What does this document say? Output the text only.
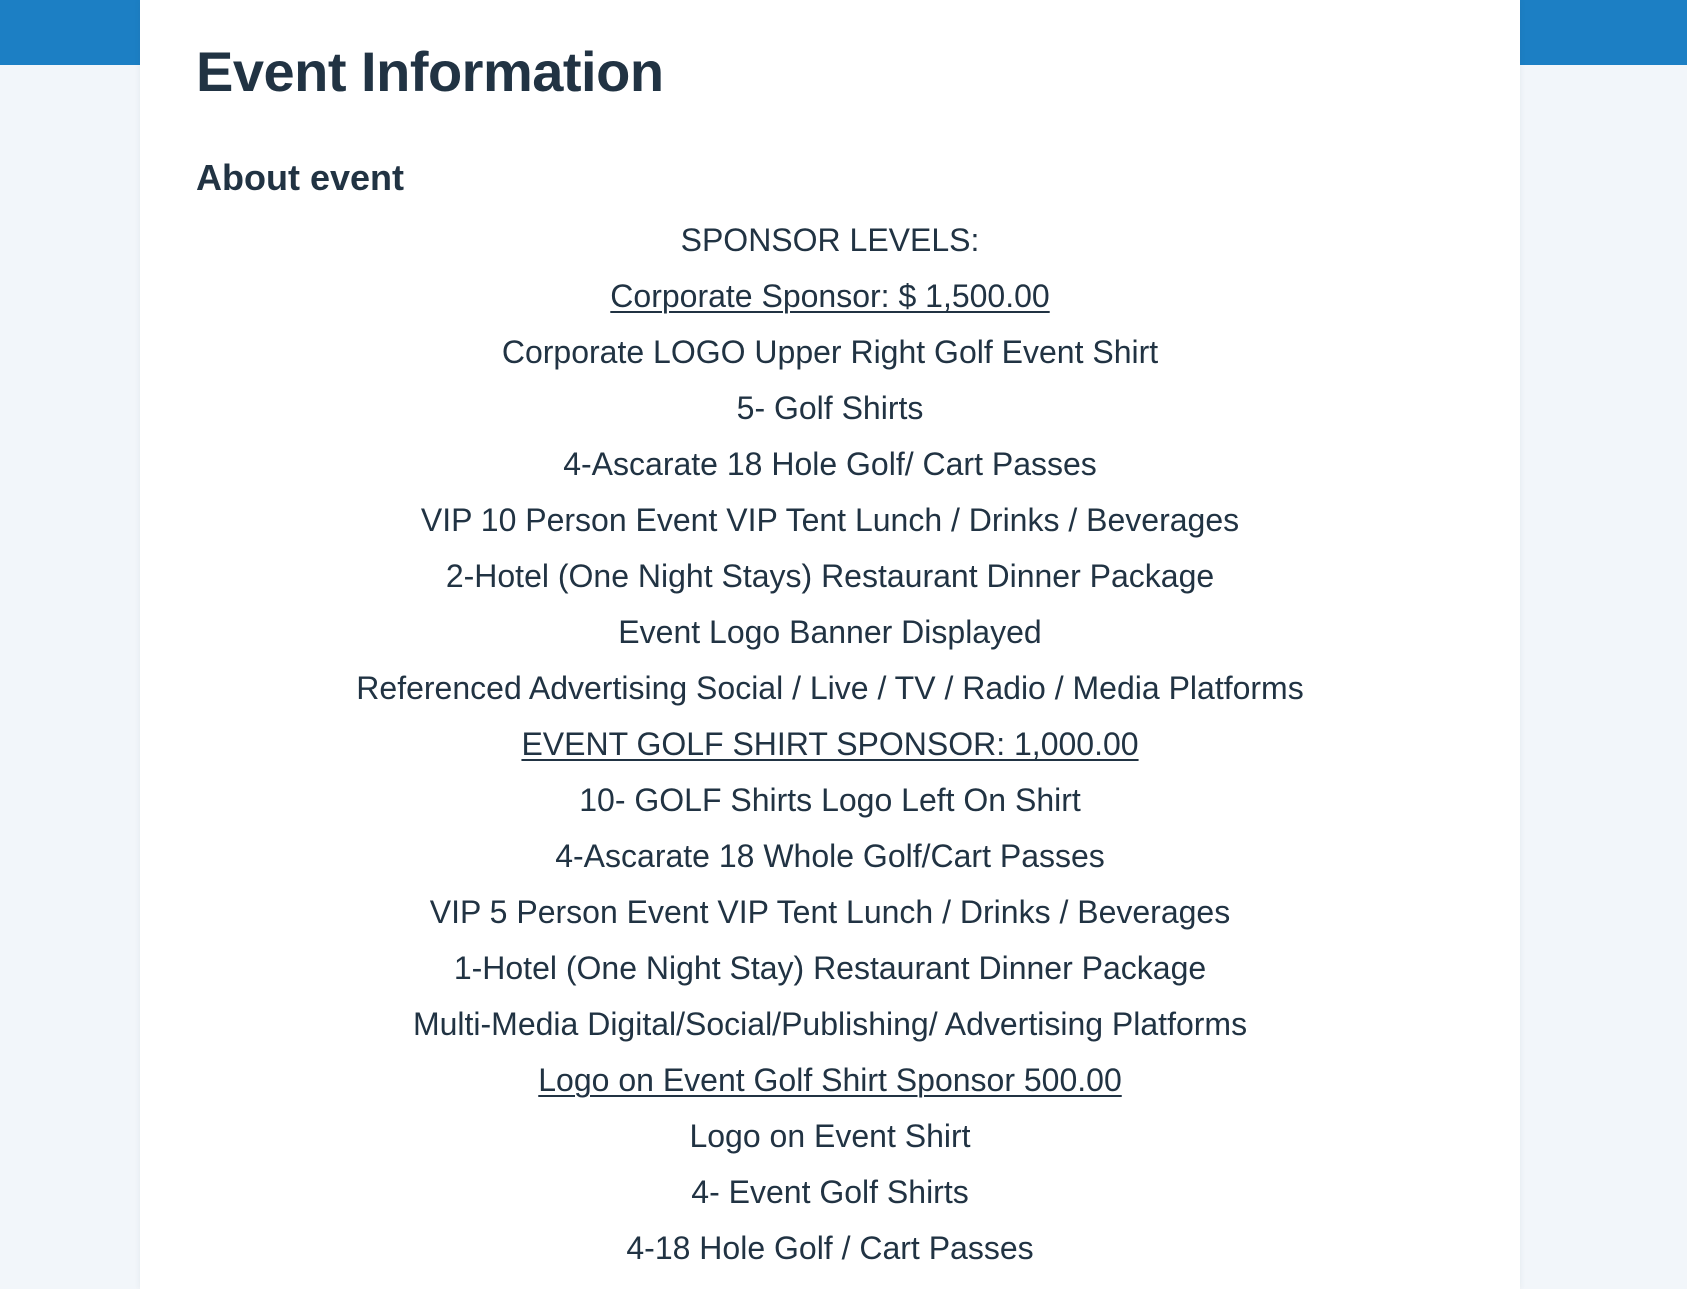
Event Information
About event
SPONSOR LEVELS:
Corporate Sponsor: $ 1,500.00
Corporate LOGO Upper Right Golf Event Shirt
5- Golf Shirts
4-Ascarate 18 Hole Golf/ Cart Passes
VIP 10 Person Event VIP Tent Lunch / Drinks / Beverages
2-Hotel (One Night Stays) Restaurant Dinner Package
Event Logo Banner Displayed
Referenced Advertising Social / Live / TV / Radio / Media Platforms
EVENT GOLF SHIRT SPONSOR: 1,000.00
10- GOLF Shirts Logo Left On Shirt
4-Ascarate 18 Whole Golf/Cart Passes
VIP 5 Person Event VIP Tent Lunch / Drinks / Beverages
1-Hotel (One Night Stay) Restaurant Dinner Package
Multi-Media Digital/Social/Publishing/ Advertising Platforms
Logo on Event Golf Shirt Sponsor 500.00
Logo on Event Shirt
4- Event Golf Shirts
4-18 Hole Golf / Cart Passes
